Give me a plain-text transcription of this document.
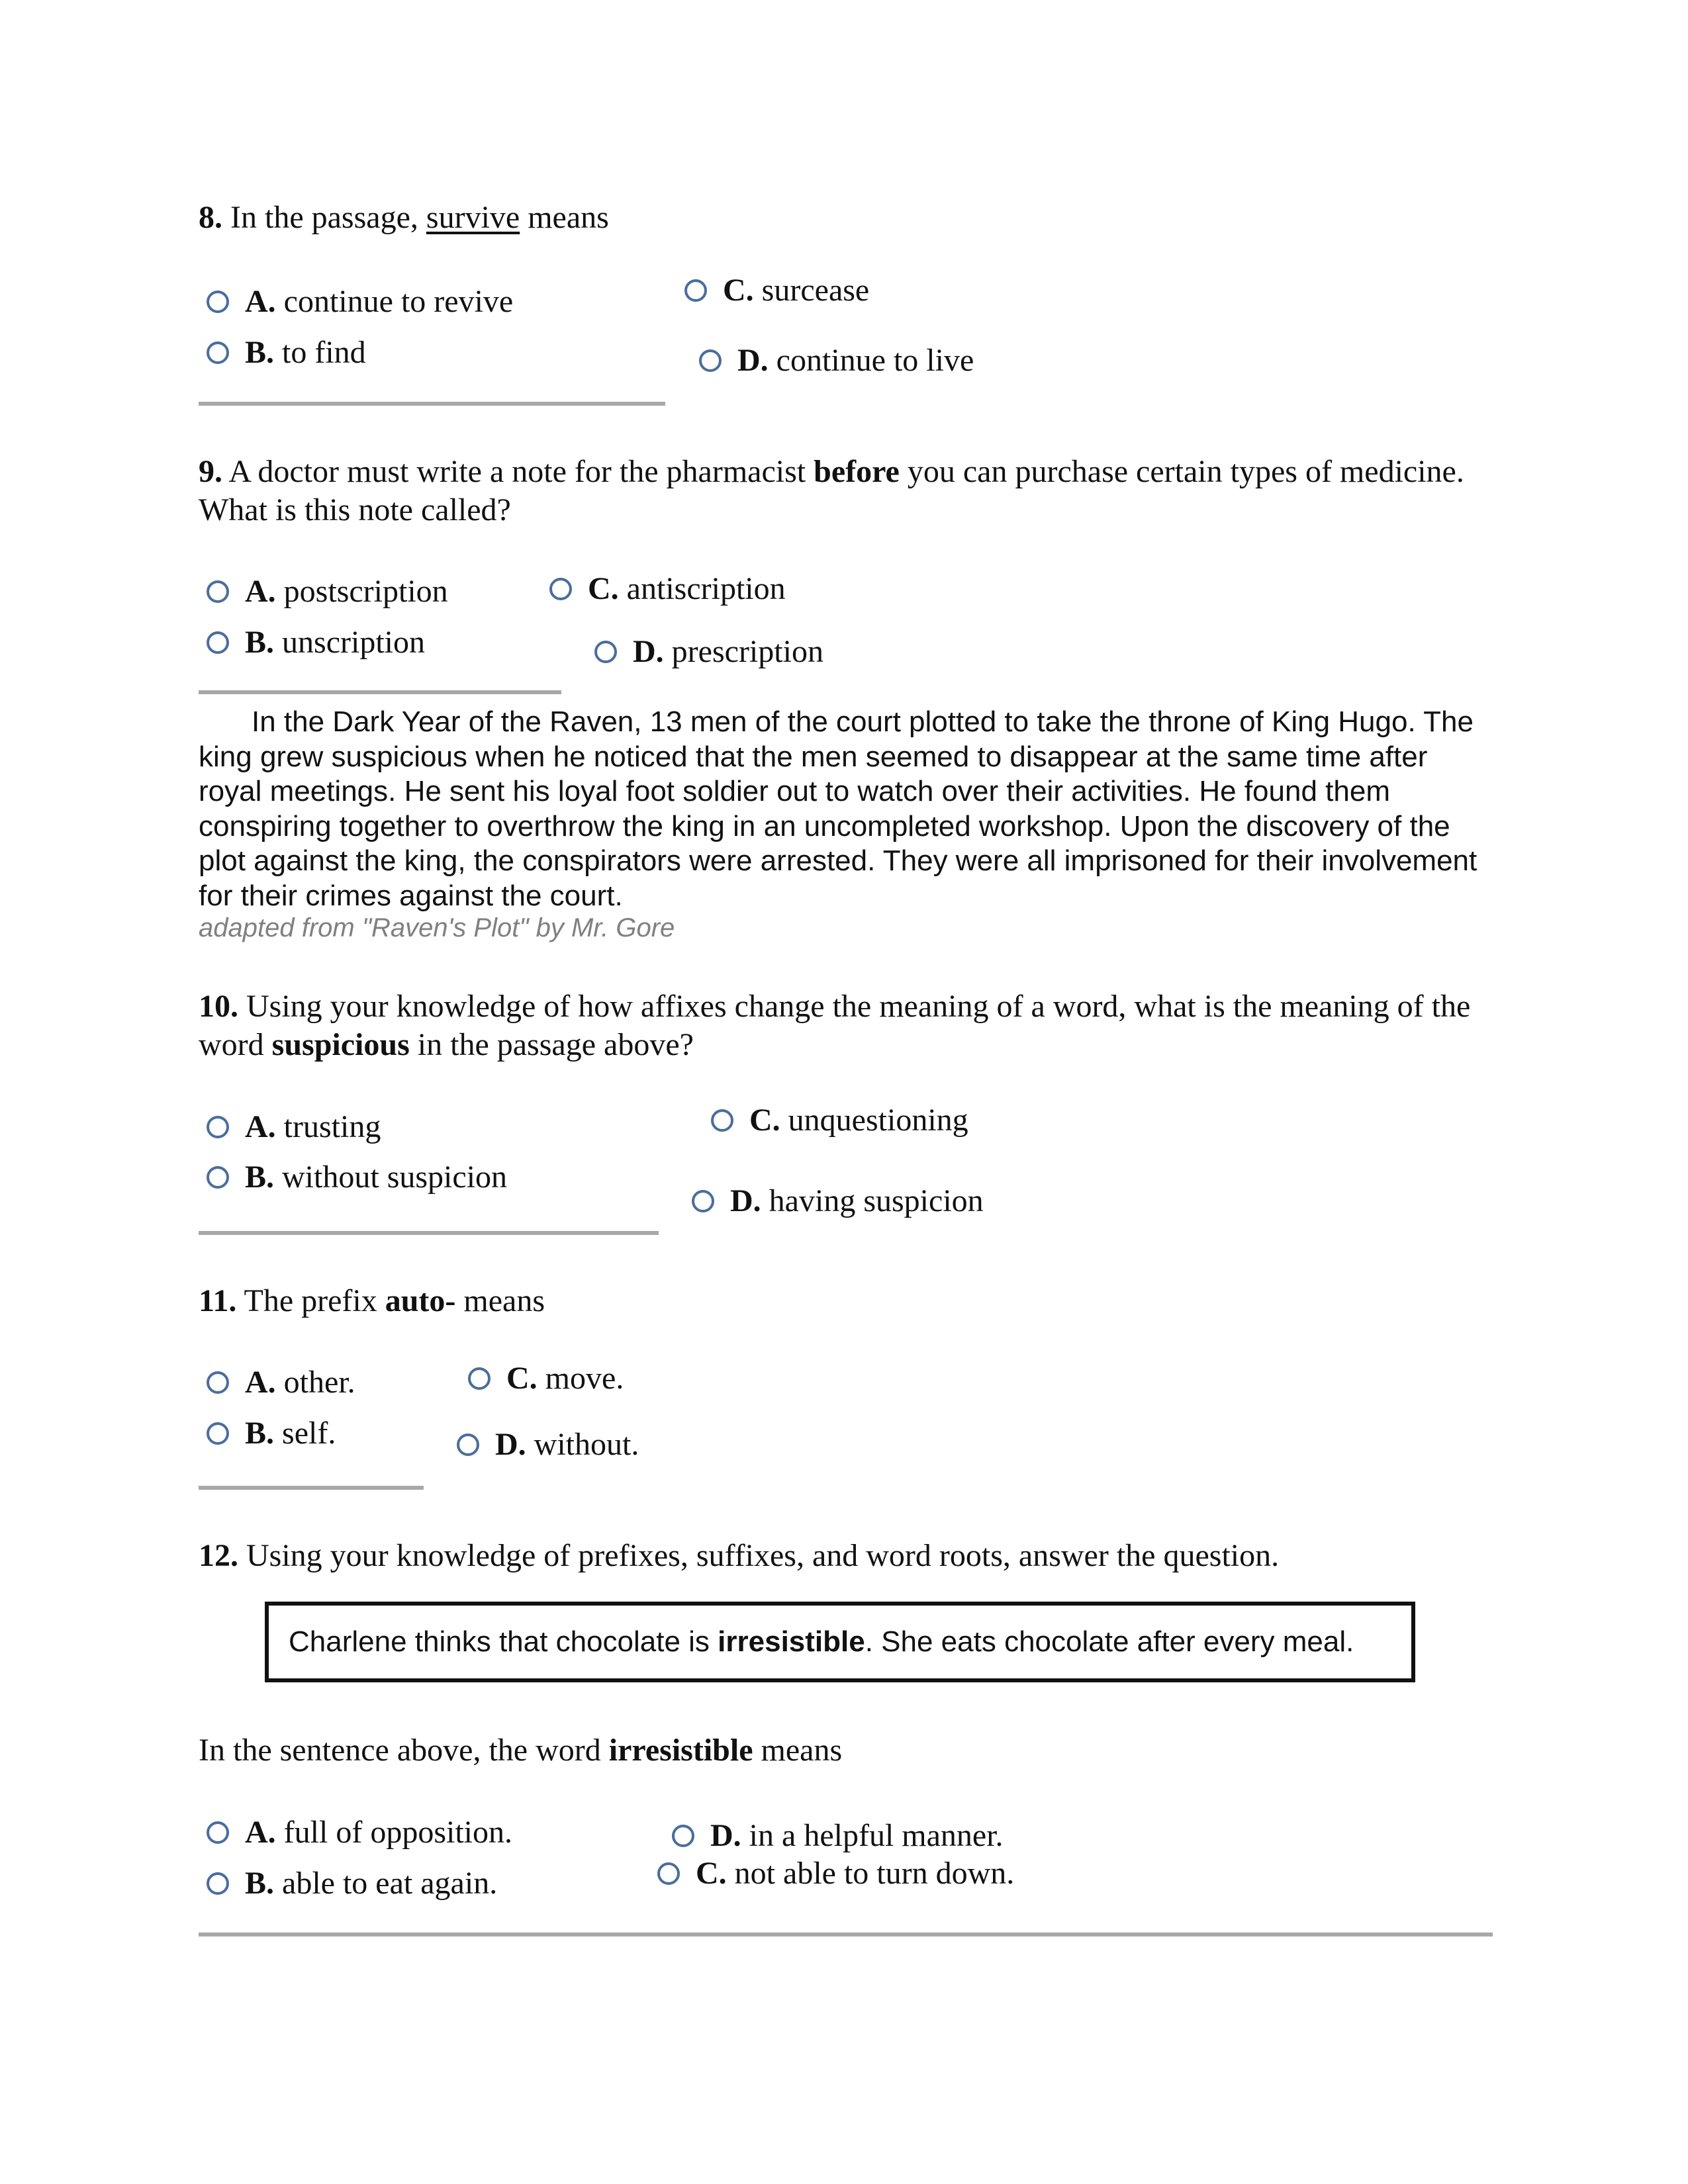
8. In the passage, survive means
A.
continue to revive
B.
to find
C.
surcease
D.
continue to live
9. A doctor must write a note for the pharmacist before you can purchase certain types of medicine. What is this note called?
A.
postscription
B.
unscription
C.
antiscription
D.
prescription
In the Dark Year of the Raven, 13 men of the court plotted to take the throne of King Hugo. The king grew suspicious when he noticed that the men seemed to disappear at the same time after royal meetings. He sent his loyal foot soldier out to watch over their activities. He found them conspiring together to overthrow the king in an uncompleted workshop. Upon the discovery of the plot against the king, the conspirators were arrested. They were all imprisoned for their involvement for their crimes against the court.
adapted from "Raven's Plot" by Mr. Gore
10. Using your knowledge of how affixes change the meaning of a word, what is the meaning of the word suspicious in the passage above?
A.
trusting
B.
without suspicion
C.
unquestioning
D.
having suspicion
11. The prefix auto- means
A.
other.
B.
self.
C.
move.
D.
without.
12. Using your knowledge of prefixes, suffixes, and word roots, answer the question.
Charlene thinks that chocolate is
irresistible . She eats chocolate after every meal.
In the sentence above, the word irresistible means
A.
full of opposition.
B.
able to eat again.
D.
in a helpful manner.
C.
not able to turn down.
